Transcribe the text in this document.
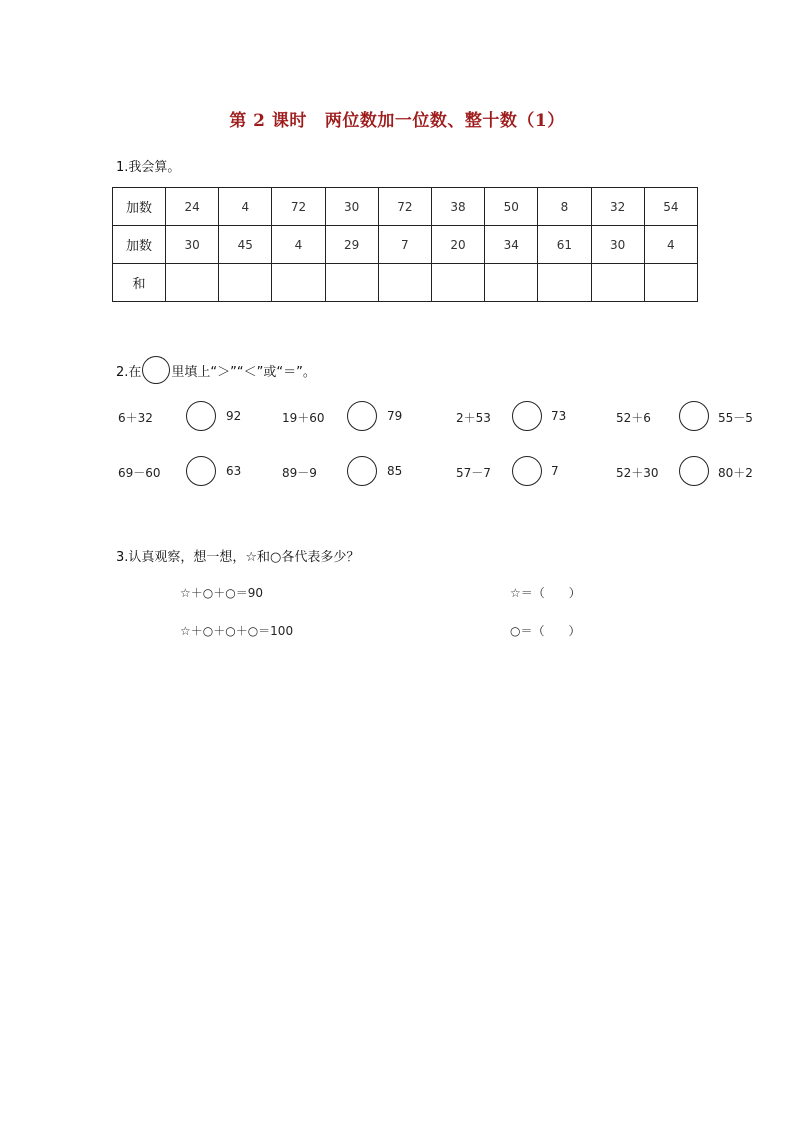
第 2 课时 两位数加一位数、整十数（1）
1.我会算。
加数	24	4	72	30	72	38	50	8	32	54
加数	30	45	4	29	7	20	34	61	30	4
和										
2.在 里填上“＞”“＜”或“＝”。
6＋32	92	19＋60	79	2＋53	73	52＋6	55－5
69－60	63	89－9	85	57－7	7	52＋30	80＋2
3.认真观察，想一想，☆和○各代表多少？
☆＋○＋○＝90
☆＋○＋○＋○＝100
☆＝（　　）
○＝（　　）
